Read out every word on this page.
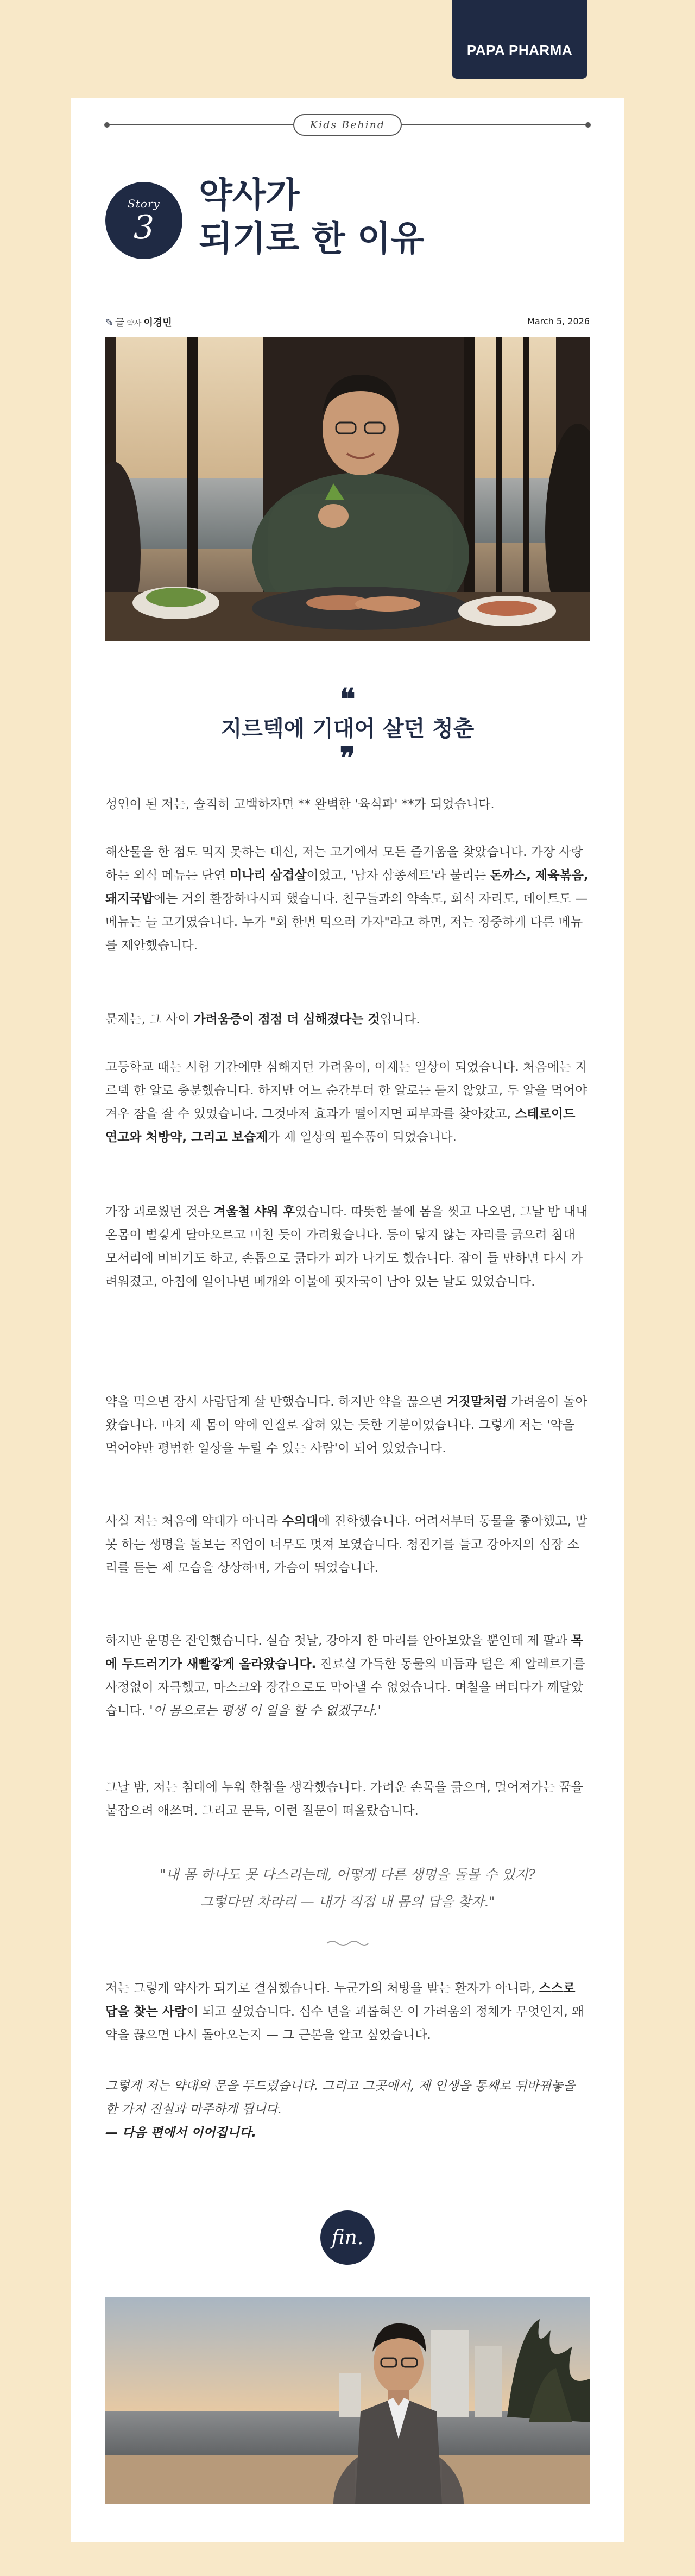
PAPA PHARMA
Kids Behind
Story
3
약사가
되기로 한 이유
✎ 글 약사 이경민	March 5, 2026
❝
지르텍에 기대어 살던 청춘
❞
성인이 된 저는, 솔직히 고백하자면 ** 완벽한 '육식파' **가 되었습니다.
해산물을 한 점도 먹지 못하는 대신, 저는 고기에서 모든 즐거움을 찾았습니다. 가장 사랑하는 외식 메뉴는 단연 미나리 삼겹살이었고, '남자 삼종세트'라 불리는 돈까스, 제육볶음, 돼지국밥에는 거의 환장하다시피 했습니다. 친구들과의 약속도, 회식 자리도, 데이트도 — 메뉴는 늘 고기였습니다. 누가 "회 한번 먹으러 가자"라고 하면, 저는 정중하게 다른 메뉴를 제안했습니다.
문제는, 그 사이 가려움증이 점점 더 심해졌다는 것입니다.
고등학교 때는 시험 기간에만 심해지던 가려움이, 이제는 일상이 되었습니다. 처음에는 지르텍 한 알로 충분했습니다. 하지만 어느 순간부터 한 알로는 듣지 않았고, 두 알을 먹어야 겨우 잠을 잘 수 있었습니다. 그것마저 효과가 떨어지면 피부과를 찾아갔고, 스테로이드 연고와 처방약, 그리고 보습제가 제 일상의 필수품이 되었습니다.
가장 괴로웠던 것은 겨울철 샤워 후였습니다. 따뜻한 물에 몸을 씻고 나오면, 그날 밤 내내 온몸이 벌겋게 달아오르고 미친 듯이 가려웠습니다. 등이 닿지 않는 자리를 긁으려 침대 모서리에 비비기도 하고, 손톱으로 긁다가 피가 나기도 했습니다. 잠이 들 만하면 다시 가려워졌고, 아침에 일어나면 베개와 이불에 핏자국이 남아 있는 날도 있었습니다.
약을 먹으면 잠시 사람답게 살 만했습니다. 하지만 약을 끊으면 거짓말처럼 가려움이 돌아왔습니다. 마치 제 몸이 약에 인질로 잡혀 있는 듯한 기분이었습니다. 그렇게 저는 '약을 먹어야만 평범한 일상을 누릴 수 있는 사람'이 되어 있었습니다.
사실 저는 처음에 약대가 아니라 수의대에 진학했습니다. 어려서부터 동물을 좋아했고, 말 못 하는 생명을 돌보는 직업이 너무도 멋져 보였습니다. 청진기를 들고 강아지의 심장 소리를 듣는 제 모습을 상상하며, 가슴이 뛰었습니다.
하지만 운명은 잔인했습니다. 실습 첫날, 강아지 한 마리를 안아보았을 뿐인데 제 팔과 목에 두드러기가 새빨갛게 올라왔습니다. 진료실 가득한 동물의 비듬과 털은 제 알레르기를 사정없이 자극했고, 마스크와 장갑으로도 막아낼 수 없었습니다. 며칠을 버티다가 깨달았습니다. '이 몸으로는 평생 이 일을 할 수 없겠구나.'
그날 밤, 저는 침대에 누워 한참을 생각했습니다. 가려운 손목을 긁으며, 멀어져가는 꿈을 붙잡으려 애쓰며. 그리고 문득, 이런 질문이 떠올랐습니다.
"내 몸 하나도 못 다스리는데, 어떻게 다른 생명을 돌볼 수 있지?
그렇다면 차라리 — 내가 직접 내 몸의 답을 찾자."
저는 그렇게 약사가 되기로 결심했습니다. 누군가의 처방을 받는 환자가 아니라, 스스로 답을 찾는 사람이 되고 싶었습니다. 십수 년을 괴롭혀온 이 가려움의 정체가 무엇인지, 왜 약을 끊으면 다시 돌아오는지 — 그 근본을 알고 싶었습니다.
그렇게 저는 약대의 문을 두드렸습니다. 그리고 그곳에서, 제 인생을 통째로 뒤바꿔놓을 한 가지 진실과 마주하게 됩니다.
— 다음 편에서 이어집니다.
fin.
